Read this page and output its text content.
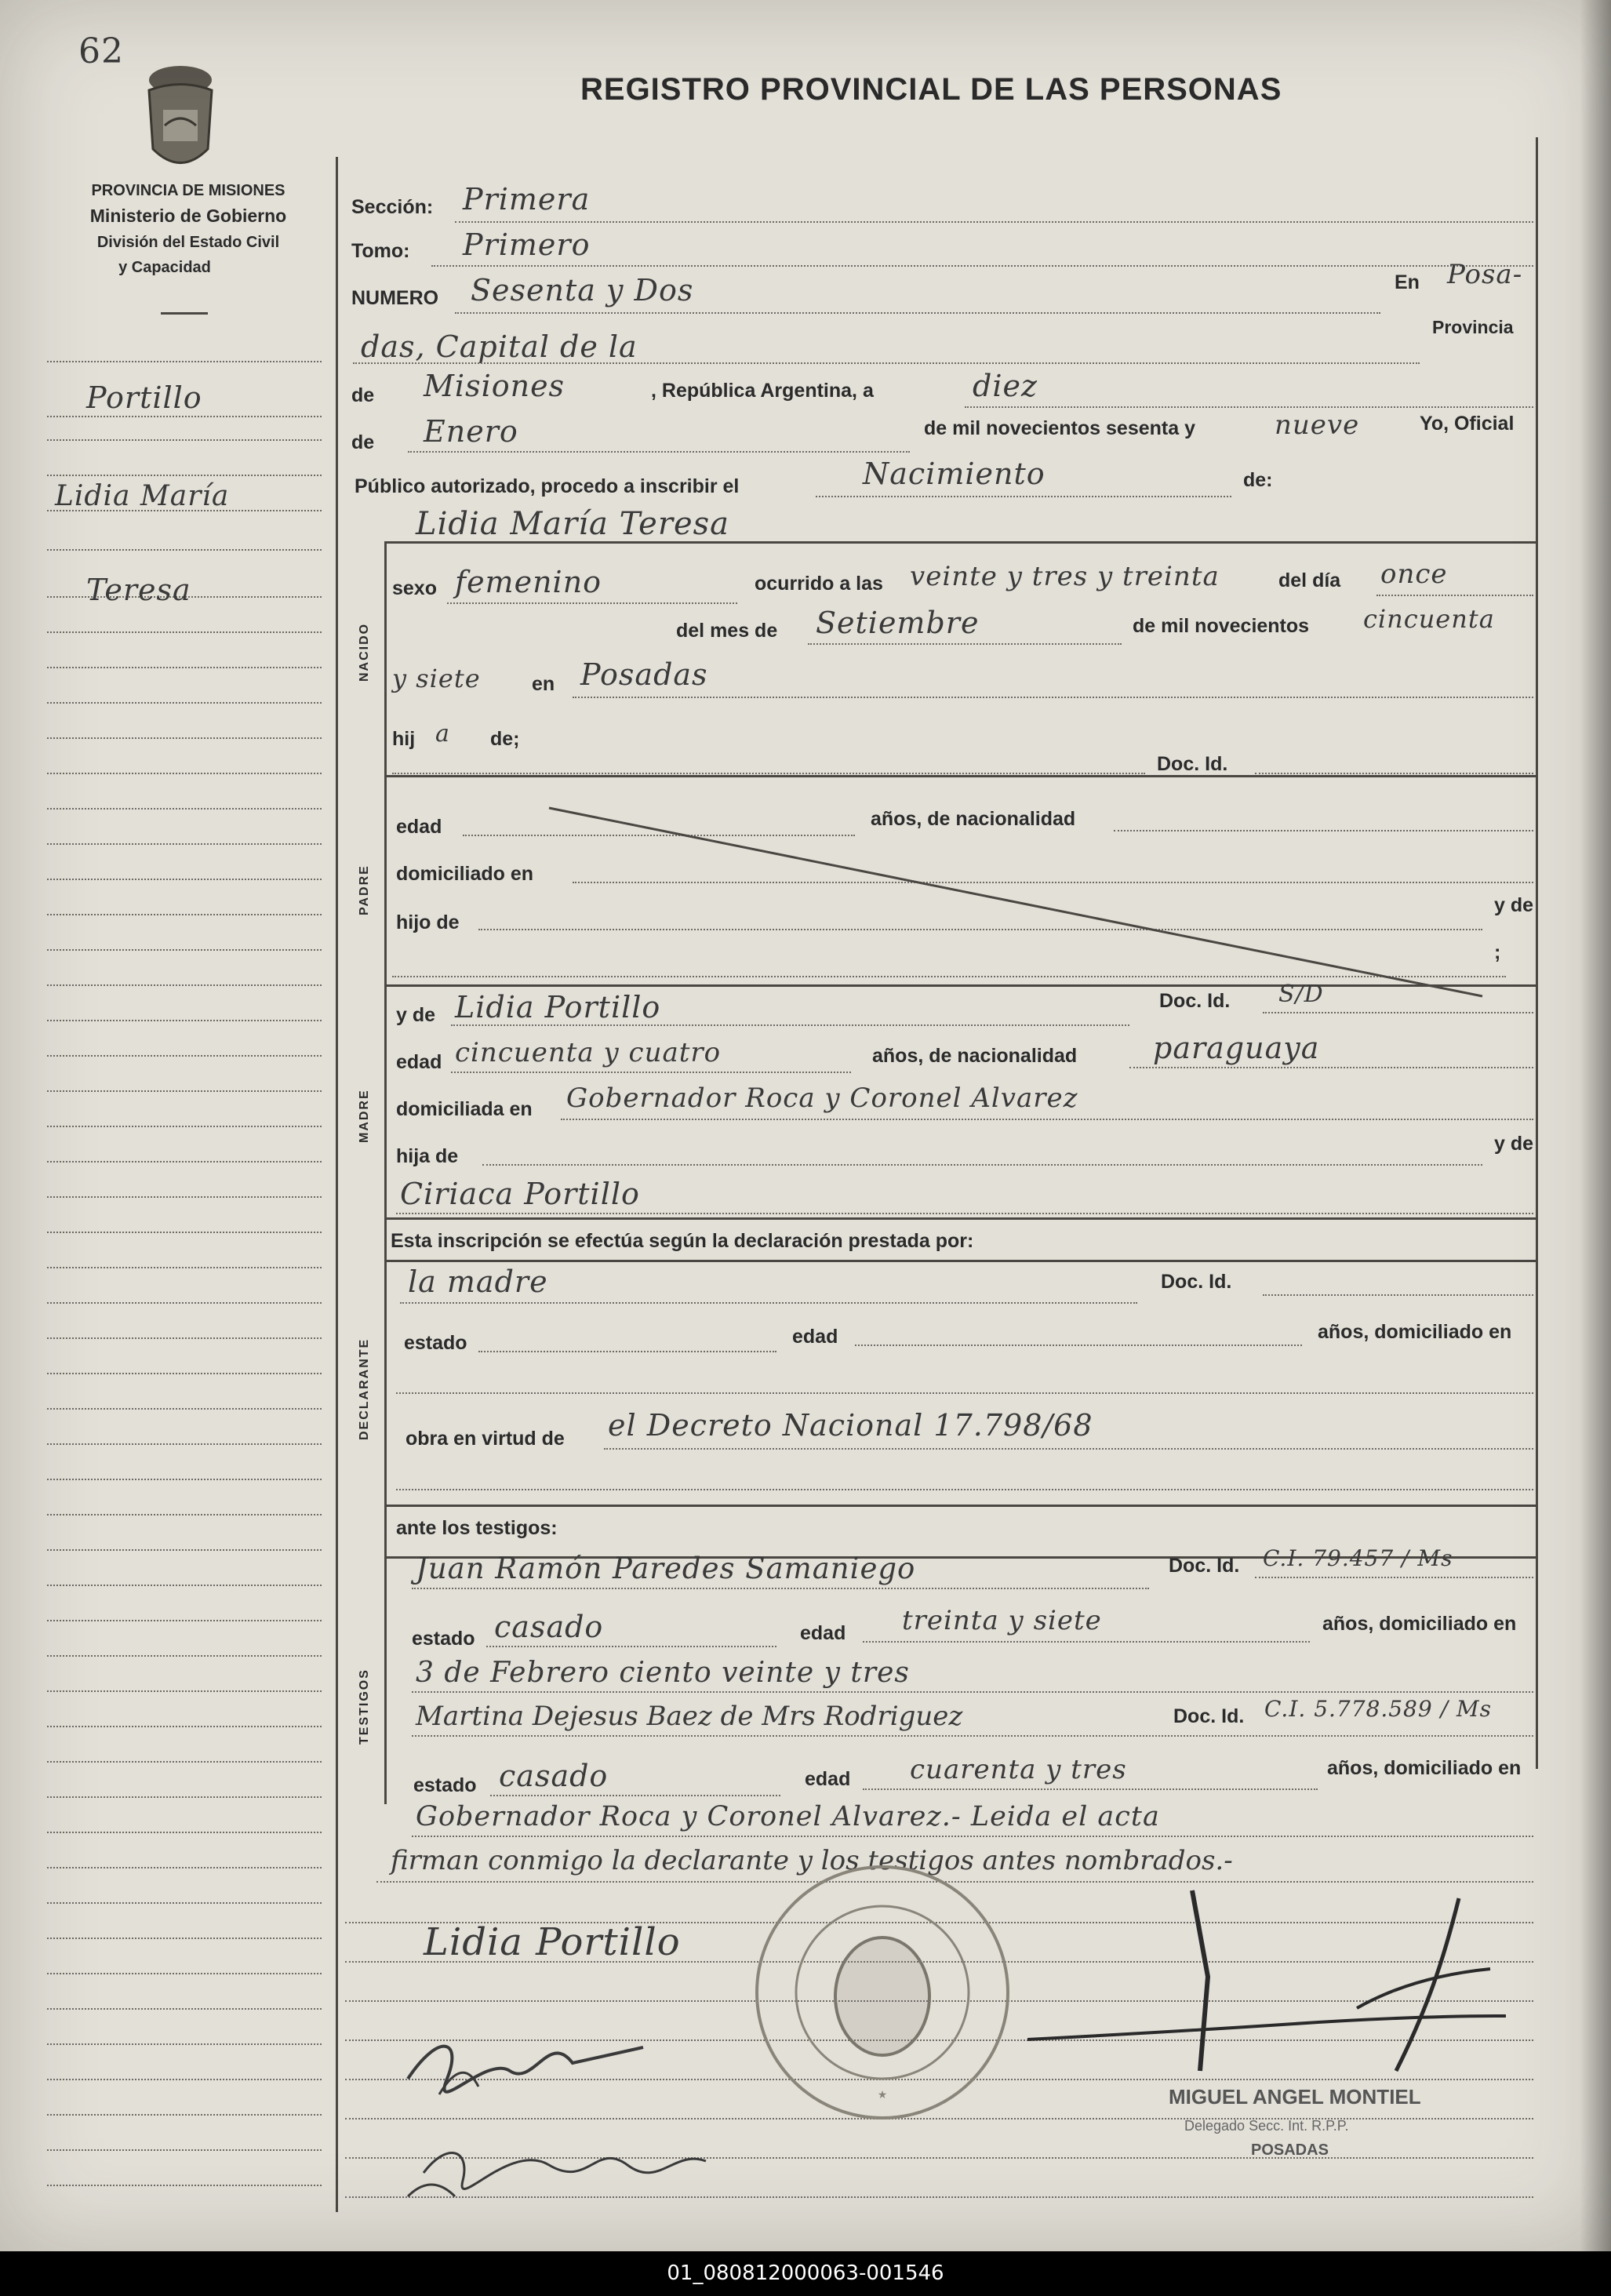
62
PROVINCIA DE MISIONES
Ministerio de Gobierno
División del Estado Civil
y Capacidad
REGISTRO PROVINCIAL DE LAS PERSONAS
Portillo
Lidia María
Teresa
Sección: Primera
Tomo: Primero
NUMERO Sesenta y Dos	En Posa-
das, Capital de la
Provincia
de Misiones	, República Argentina, a	diez
de Enero	de mil novecientos sesenta y	nueve	Yo, Oficial
Público autorizado, procedo a inscribir el	Nacimiento	de:
NACIDO
Lidia María Teresa
sexo femenino	ocurrido a las veinte y tres y treinta	del día once
del mes de Setiembre	de mil novecientos cincuenta
y siete	en Posadas
hij a de;
Doc. Id.
PADRE
edad	años, de nacionalidad
domiciliado en
hijo de
y de
;
y de Lidia Portillo	Doc. Id. S/D
MADRE
edad cincuenta y cuatro	años, de nacionalidad	paraguaya
domiciliada en Gobernador Roca y Coronel Alvarez
hija de
y de
Ciriaca Portillo
Esta inscripción se efectúa según la declaración prestada por:
DECLARANTE
la madre	Doc. Id.
estado	edad	años, domiciliado en
obra en virtud de el Decreto Nacional 17.798/68
ante los testigos:
TESTIGOS
Juan Ramón Paredes Samaniego	Doc. Id. C.I. 79.457 / Ms
estado casado	edad treinta y siete	años, domiciliado en
3 de Febrero ciento veinte y tres
Martina Dejesus Baez de Mrs Rodriguez	Doc. Id. C.I. 5.778.589 / Ms
estado casado	edad cuarenta y tres	años, domiciliado en
Gobernador Roca y Coronel Alvarez.- Leida el acta
firman conmigo la declarante y los testigos antes nombrados.-
Lidia Portillo
★	MIGUEL ANGEL MONTIEL
Delegado Secc. Int. R.P.P.
POSADAS
01_080812000063-001546
